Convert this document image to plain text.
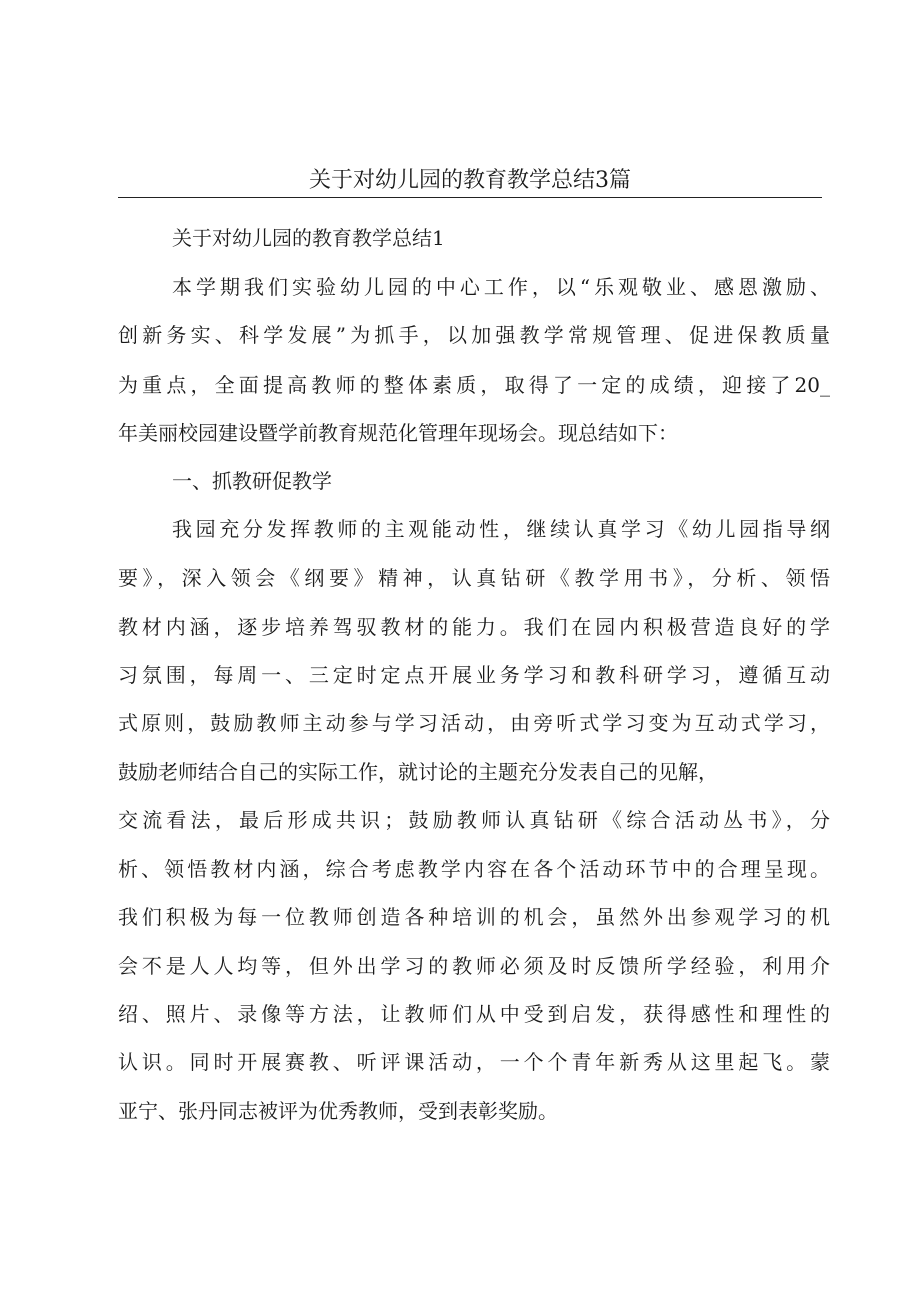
关于对幼儿园的教育教学总结3篇
关于对幼儿园的教育教学总结1
本学期我们实验幼儿园的中心工作，以“乐观敬业、感恩激励、
创新务实、科学发展”为抓手，以加强教学常规管理、促进保教质量
为重点，全面提高教师的整体素质，取得了一定的成绩，迎接了20_
年美丽校园建设暨学前教育规范化管理年现场会。现总结如下：
一、抓教研促教学
我园充分发挥教师的主观能动性，继续认真学习《幼儿园指导纲
要》，深入领会《纲要》精神，认真钻研《教学用书》，分析、领悟
教材内涵，逐步培养驾驭教材的能力。我们在园内积极营造良好的学
习氛围，每周一、三定时定点开展业务学习和教科研学习，遵循互动
式原则，鼓励教师主动参与学习活动，由旁听式学习变为互动式学习，
鼓励老师结合自己的实际工作，就讨论的主题充分发表自己的见解，
交流看法，最后形成共识；鼓励教师认真钻研《综合活动丛书》，分
析、领悟教材内涵，综合考虑教学内容在各个活动环节中的合理呈现。
我们积极为每一位教师创造各种培训的机会，虽然外出参观学习的机
会不是人人均等，但外出学习的教师必须及时反馈所学经验，利用介
绍、照片、录像等方法，让教师们从中受到启发，获得感性和理性的
认识。同时开展赛教、听评课活动，一个个青年新秀从这里起飞。蒙
亚宁、张丹同志被评为优秀教师，受到表彰奖励。
